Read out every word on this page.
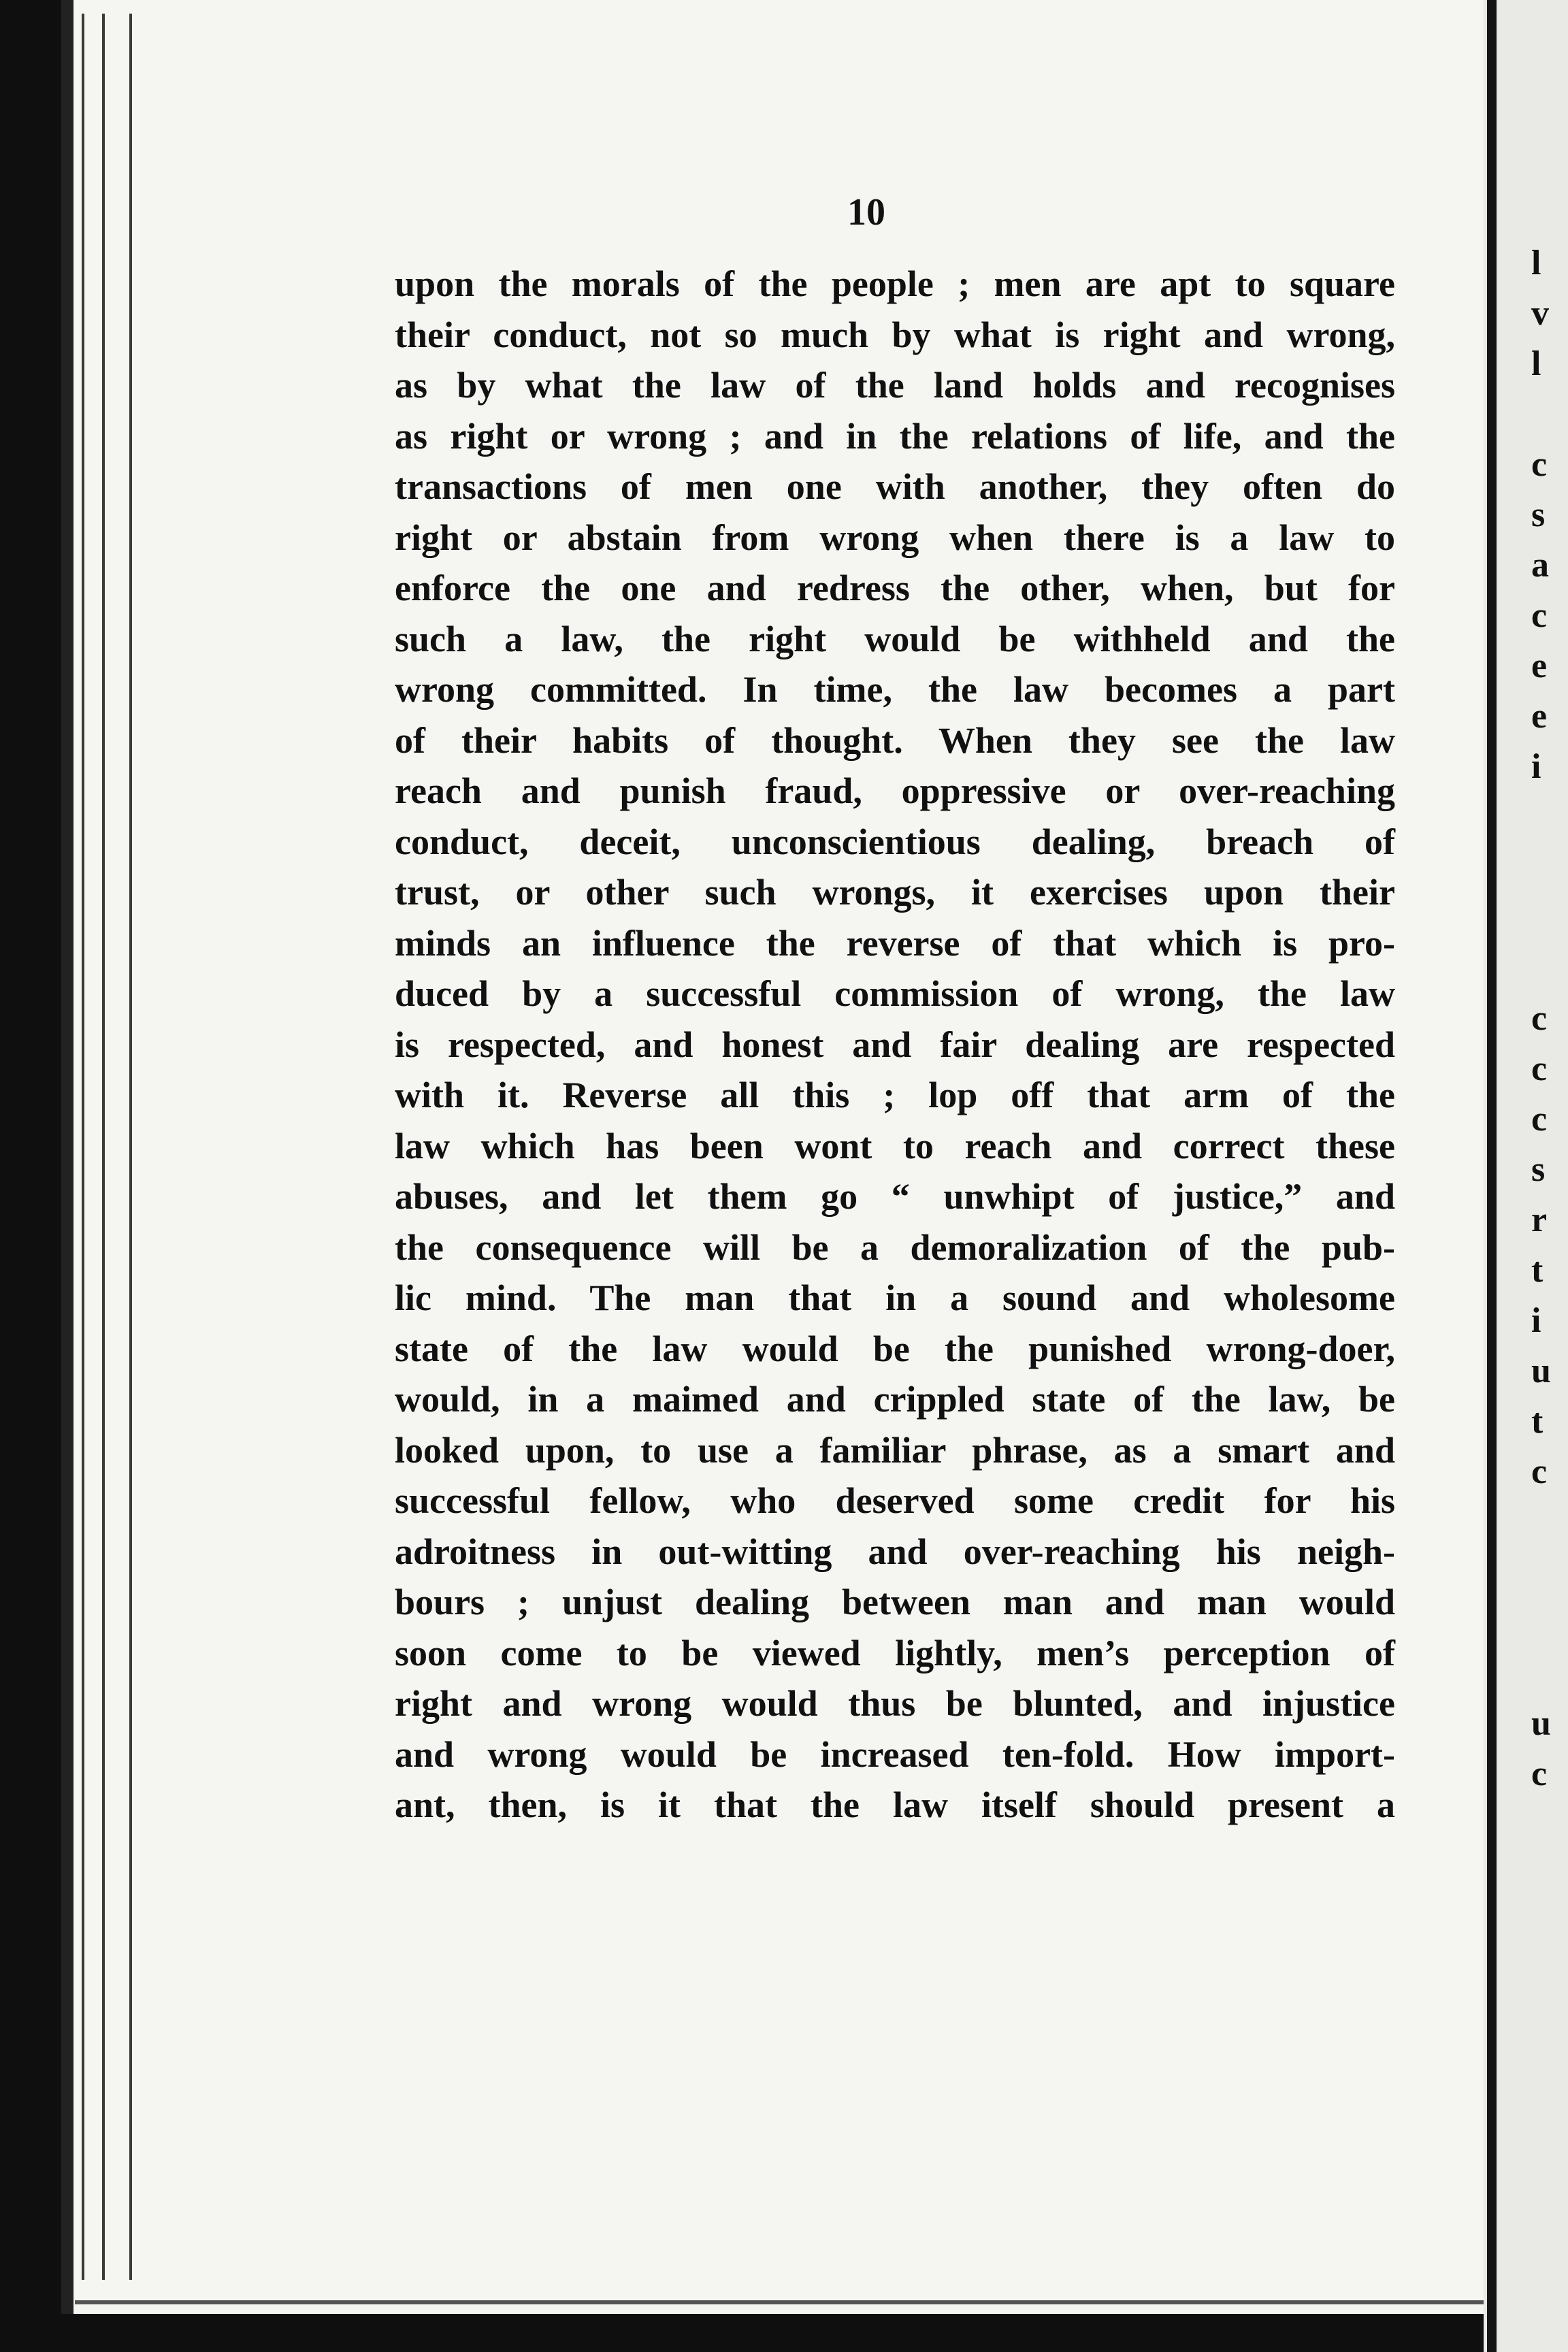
10
upon the morals of the people ; men are apt to square
their conduct, not so much by what is right and wrong,
as by what the law of the land holds and recognises
as right or wrong ; and in the relations of life, and the
transactions of men one with another, they often do
right or abstain from wrong when there is a law to
enforce the one and redress the other, when, but for
such a law, the right would be withheld and the
wrong committed. In time, the law becomes a part
of their habits of thought. When they see the law
reach and punish fraud, oppressive or over-reaching
conduct, deceit, unconscientious dealing, breach of
trust, or other such wrongs, it exercises upon their
minds an influence the reverse of that which is pro-
duced by a successful commission of wrong, the law
is respected, and honest and fair dealing are respected
with it. Reverse all this ; lop off that arm of the
law which has been wont to reach and correct these
abuses, and let them go “ unwhipt of justice,” and
the consequence will be a demoralization of the pub-
lic mind. The man that in a sound and wholesome
state of the law would be the punished wrong-doer,
would, in a maimed and crippled state of the law, be
looked upon, to use a familiar phrase, as a smart and
successful fellow, who deserved some credit for his
adroitness in out-witting and over-reaching his neigh-
bours ; unjust dealing between man and man would
soon come to be viewed lightly, men’s perception of
right and wrong would thus be blunted, and injustice
and wrong would be increased ten-fold. How import-
ant, then, is it that the law itself should present a
l
v
l
c
s
a
c
e
e
i
c
c
c
s
r
t
i
u
t
c
u
c
